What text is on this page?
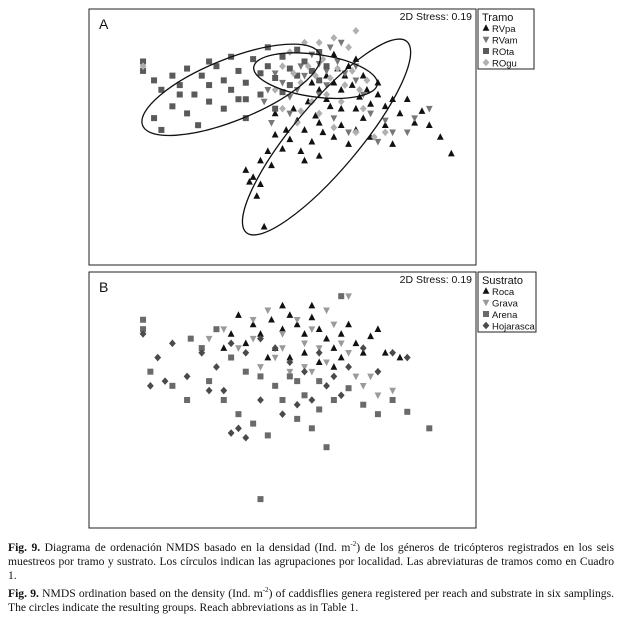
A	2D Stress: 0.19 Tramo
RVpa
RVam
ROta
ROgu
B	2D Stress: 0.19 Sustrato
Roca
Grava
Arena
Hojarasca
Fig. 9. Diagrama de ordenación NMDS basado en la densidad (Ind. $m^{-2}$) de los géneros de tricópteros registrados en los seis muestreos por tramo y sustrato. Los círculos indican las agrupaciones por localidad. Las abreviaturas de tramos como en Cuadro 1.
Fig. 9. NMDS ordination based on the density (Ind. $m^{-2}$) of caddisflies genera registered per reach and substrate in six samplings. The circles indicate the resulting groups. Reach abbreviations as in Table 1.
